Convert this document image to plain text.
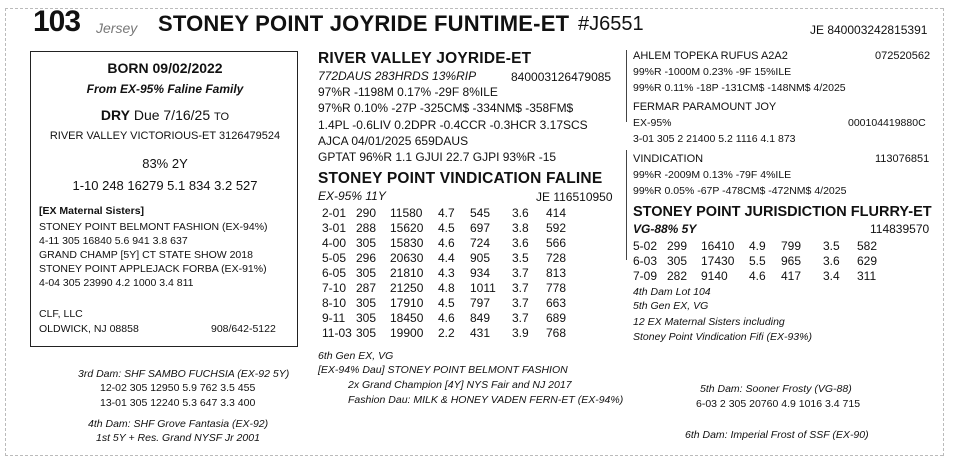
103 Jersey STONEY POINT JOYRIDE FUNTIME-ET #J6551	JE 840003242815391
BORN 09/02/2022
From EX-95% Faline Family
DRY Due 7/16/25 TO
RIVER VALLEY VICTORIOUS-ET 3126479524
83% 2Y
1-10 248 16279 5.1 834 3.2 527
[EX Maternal Sisters]
STONEY POINT BELMONT FASHION (EX-94%)
4-11 305 16840 5.6 941 3.8 637
GRAND CHAMP [5Y] CT STATE SHOW 2018
STONEY POINT APPLEJACK FORBA (EX-91%)
4-04 305 23990 4.2 1000 3.4 811
CLF, LLC
OLDWICK, NJ 08858	908/642-5122
RIVER VALLEY JOYRIDE-ET
772DAUS 283HRDS 13%RIP	840003126479085
97%R -1198M 0.17% -29F 8%ILE
97%R 0.10% -27P -325CM$ -334NM$ -358FM$
1.4PL -0.6LIV 0.2DPR -0.4CCR -0.3HCR 3.17SCS
AJCA 04/01/2025 659DAUS
GPTAT 96%R 1.1 GJUI 22.7 GJPI 93%R -15
STONEY POINT VINDICATION FALINE
EX-95% 11Y	JE 116510950
2-01	290	11580	4.7	545	3.6	414
3-01	288	15620	4.5	697	3.8	592
4-00	305	15830	4.6	724	3.6	566
5-05	296	20630	4.4	905	3.5	728
6-05	305	21810	4.3	934	3.7	813
7-10	287	21250	4.8	1011	3.7	778
8-10	305	17910	4.5	797	3.7	663
9-11	305	18450	4.6	849	3.7	689
11-03	305	19900	2.2	431	3.9	768
6th Gen EX, VG
[EX-94% Dau] STONEY POINT BELMONT FASHION
2x Grand Champion [4Y] NYS Fair and NJ 2017
Fashion Dau: MILK & HONEY VADEN FERN-ET (EX-94%)
AHLEM TOPEKA RUFUS A2A2	072520562
99%R -1000M 0.23% -9F 15%ILE
99%R 0.11% -18P -131CM$ -148NM$ 4/2025
FERMAR PARAMOUNT JOY
EX-95%	000104419880C
3-01 305 2 21400 5.2 1116 4.1 873
VINDICATION	113076851
99%R -2009M 0.13% -79F 4%ILE
99%R 0.05% -67P -478CM$ -472NM$ 4/2025
STONEY POINT JURISDICTION FLURRY-ET
VG-88% 5Y	114839570
5-02	299	16410	4.9	799	3.5	582
6-03	305	17430	5.5	965	3.6	629
7-09	282	9140	4.6	417	3.4	311
4th Dam Lot 104
5th Gen EX, VG
12 EX Maternal Sisters including
Stoney Point Vindication Fifi (EX-93%)
3rd Dam: SHF SAMBO FUCHSIA (EX-92 5Y)
12-02 305 12950 5.9 762 3.5 455
13-01 305 12240 5.3 647 3.3 400
4th Dam: SHF Grove Fantasia (EX-92)
1st 5Y + Res. Grand NYSF Jr 2001
5th Dam: Sooner Frosty (VG-88)
6-03 2 305 20760 4.9 1016 3.4 715
6th Dam: Imperial Frost of SSF (EX-90)
